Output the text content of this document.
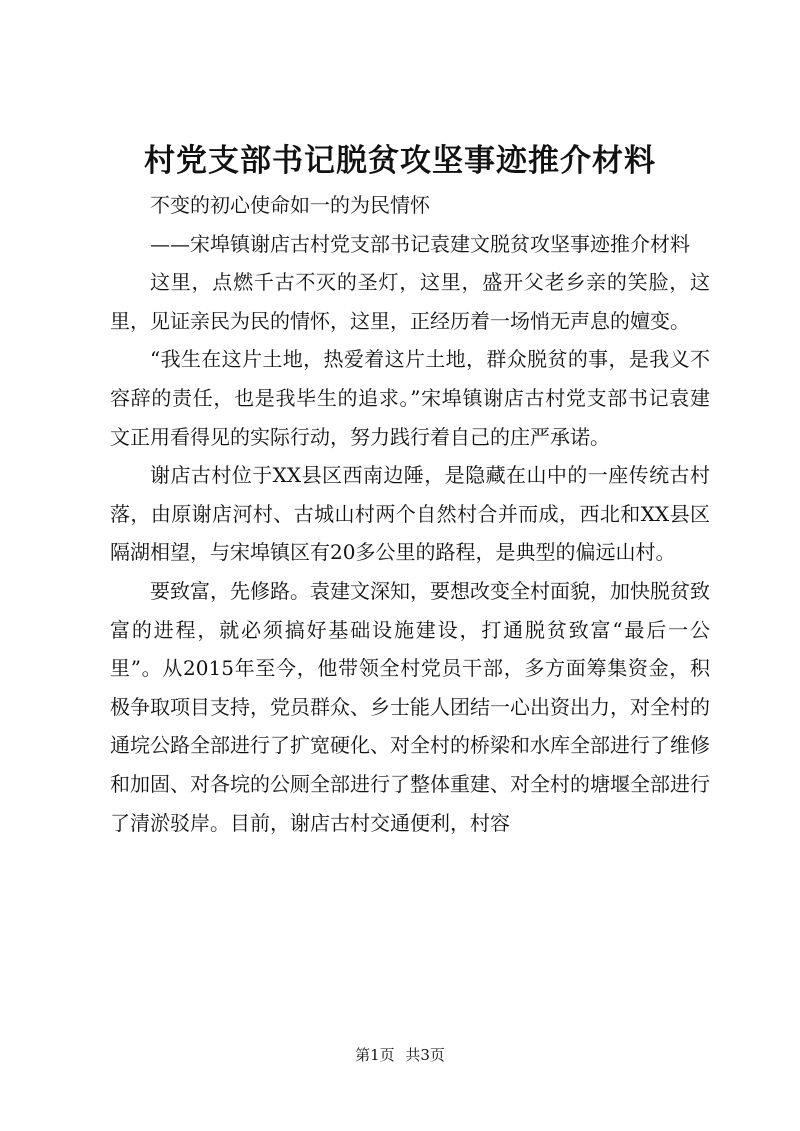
村党支部书记脱贫攻坚事迹推介材料

不变的初心使命如一的为民情怀

——宋埠镇谢店古村党支部书记袁建文脱贫攻坚事迹推介材料

这里，点燃千古不灭的圣灯，这里，盛开父老乡亲的笑脸，这里，见证亲民为民的情怀，这里，正经历着一场悄无声息的嬗变。

“我生在这片土地，热爱着这片土地，群众脱贫的事，是我义不容辞的责任，也是我毕生的追求。”宋埠镇谢店古村党支部书记袁建文正用看得见的实际行动，努力践行着自己的庄严承诺。

谢店古村位于XX县区西南边陲，是隐藏在山中的一座传统古村落，由原谢店河村、古城山村两个自然村合并而成，西北和XX县区隔湖相望，与宋埠镇区有20多公里的路程，是典型的偏远山村。

要致富，先修路。袁建文深知，要想改变全村面貌，加快脱贫致富的进程，就必须搞好基础设施建设，打通脱贫致富“最后一公里”。从2015年至今，他带领全村党员干部，多方面筹集资金，积极争取项目支持，党员群众、乡士能人团结一心出资出力，对全村的通垸公路全部进行了扩宽硬化、对全村的桥梁和水库全部进行了维修和加固、对各垸的公厕全部进行了整体重建、对全村的塘堰全部进行了清淤驳岸。目前，谢店古村交通便利，村容

第1页 共3页
